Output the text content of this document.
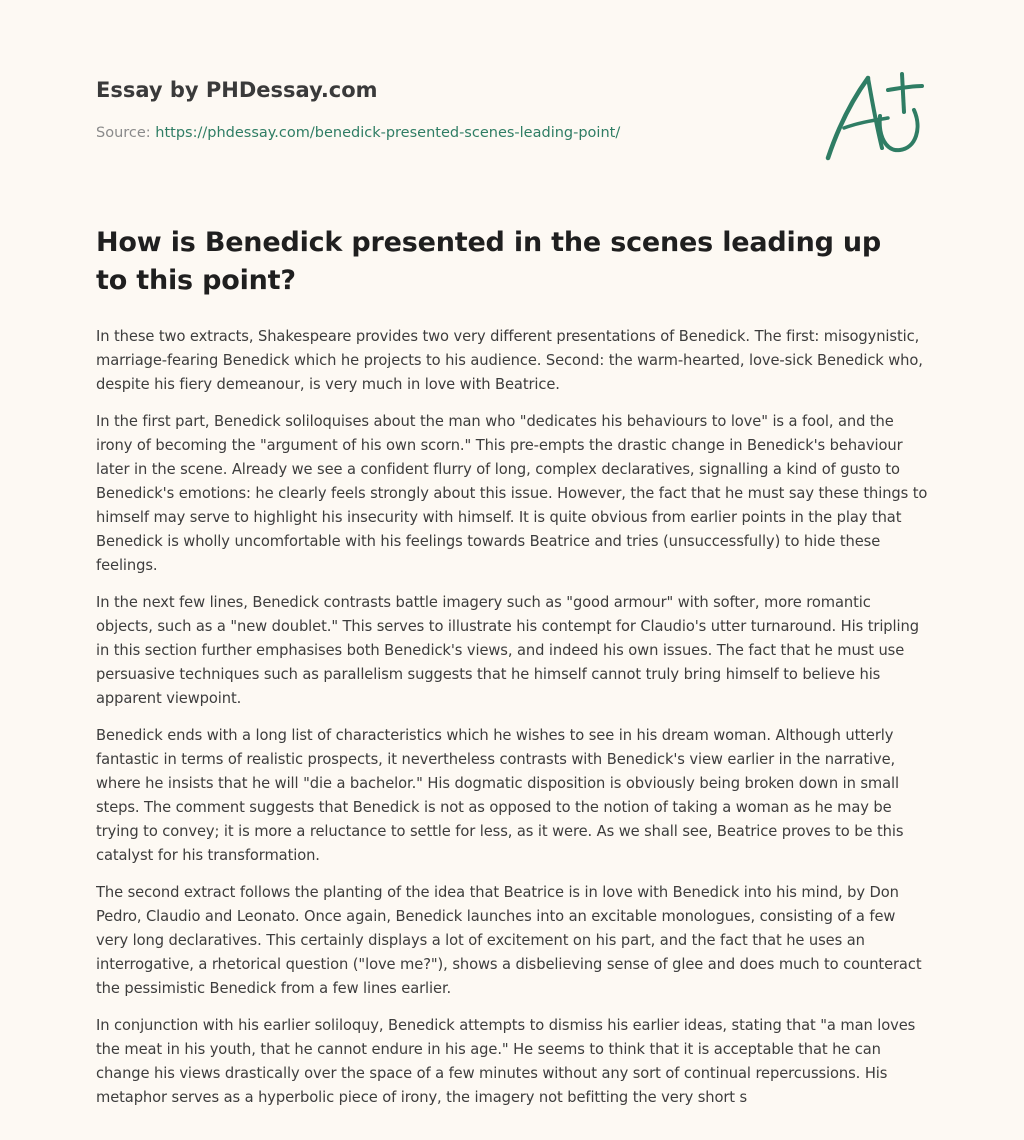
Essay by PHDessay.com
Source: https://phdessay.com/benedick-presented-scenes-leading-point/
How is Benedick presented in the scenes leading up to this point?

In these two extracts, Shakespeare provides two very different presentations of Benedick. The first: misogynistic, marriage-fearing Benedick which he projects to his audience. Second: the warm-hearted, love-sick Benedick who, despite his fiery demeanour, is very much in love with Beatrice.

In the first part, Benedick soliloquises about the man who "dedicates his behaviours to love" is a fool, and the irony of becoming the "argument of his own scorn." This pre-empts the drastic change in Benedick's behaviour later in the scene. Already we see a confident flurry of long, complex declaratives, signalling a kind of gusto to Benedick's emotions: he clearly feels strongly about this issue. However, the fact that he must say these things to himself may serve to highlight his insecurity with himself. It is quite obvious from earlier points in the play that Benedick is wholly uncomfortable with his feelings towards Beatrice and tries (unsuccessfully) to hide these feelings.

In the next few lines, Benedick contrasts battle imagery such as "good armour" with softer, more romantic objects, such as a "new doublet." This serves to illustrate his contempt for Claudio's utter turnaround. His tripling in this section further emphasises both Benedick's views, and indeed his own issues. The fact that he must use persuasive techniques such as parallelism suggests that he himself cannot truly bring himself to believe his apparent viewpoint.

Benedick ends with a long list of characteristics which he wishes to see in his dream woman. Although utterly fantastic in terms of realistic prospects, it nevertheless contrasts with Benedick's view earlier in the narrative, where he insists that he will "die a bachelor." His dogmatic disposition is obviously being broken down in small steps. The comment suggests that Benedick is not as opposed to the notion of taking a woman as he may be trying to convey; it is more a reluctance to settle for less, as it were. As we shall see, Beatrice proves to be this catalyst for his transformation.

The second extract follows the planting of the idea that Beatrice is in love with Benedick into his mind, by Don Pedro, Claudio and Leonato. Once again, Benedick launches into an excitable monologues, consisting of a few very long declaratives. This certainly displays a lot of excitement on his part, and the fact that he uses an interrogative, a rhetorical question ("love me?"), shows a disbelieving sense of glee and does much to counteract the pessimistic Benedick from a few lines earlier.

In conjunction with his earlier soliloquy, Benedick attempts to dismiss his earlier ideas, stating that "a man loves the meat in his youth, that he cannot endure in his age." He seems to think that it is acceptable that he can change his views drastically over the space of a few minutes without any sort of continual repercussions. His metaphor serves as a hyperbolic piece of irony, the imagery not befitting the very short s
